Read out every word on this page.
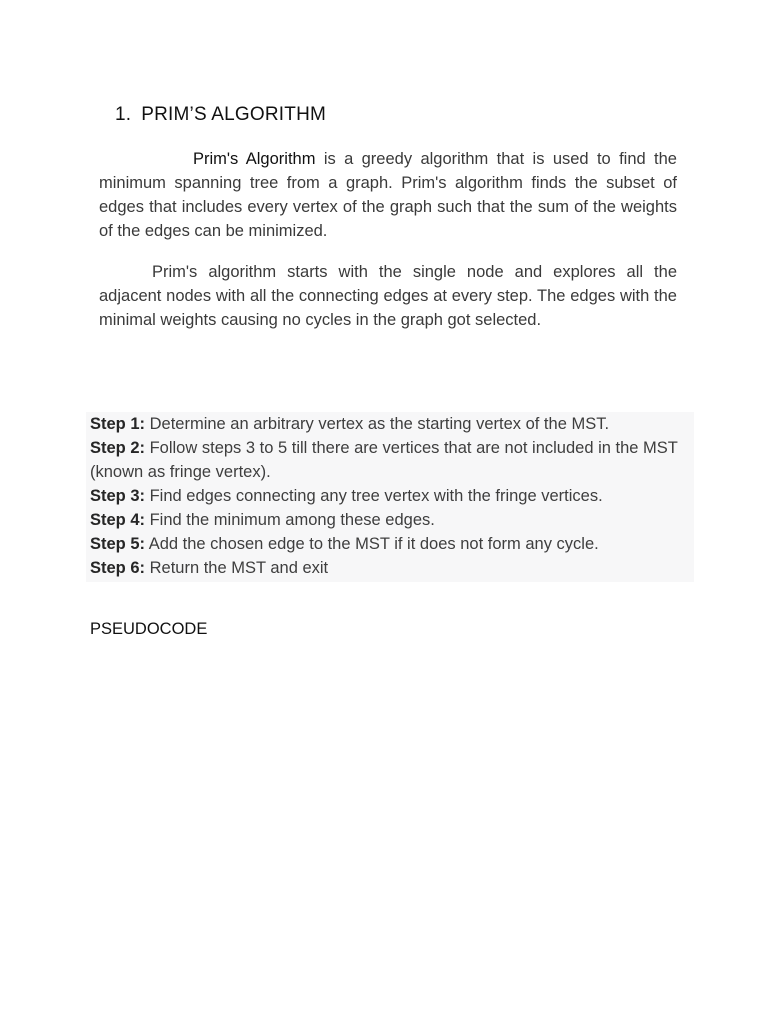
1. PRIM’S ALGORITHM

Prim's Algorithm is a greedy algorithm that is used to find the minimum spanning tree from a graph. Prim's algorithm finds the subset of edges that includes every vertex of the graph such that the sum of the weights of the edges can be minimized.

Prim's algorithm starts with the single node and explores all the adjacent nodes with all the connecting edges at every step. The edges with the minimal weights causing no cycles in the graph got selected.

Step 1: Determine an arbitrary vertex as the starting vertex of the MST.
Step 2: Follow steps 3 to 5 till there are vertices that are not included in the MST (known as fringe vertex).
Step 3: Find edges connecting any tree vertex with the fringe vertices.
Step 4: Find the minimum among these edges.
Step 5: Add the chosen edge to the MST if it does not form any cycle.
Step 6: Return the MST and exit
PSEUDOCODE
